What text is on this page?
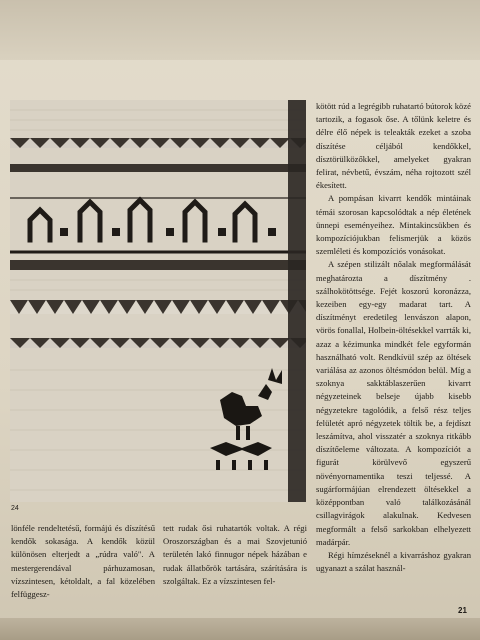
24

kötött rúd a legrégibb ruhatartó bútorok közé tartozik, a fogasok őse. A tőlünk keletre és délre élő népek is teleakták ezeket a szoba díszítése céljából kendőkkel, dísztörülközőkkel, amelyeket gyakran felirat, névbetű, évszám, néha rojtozott szél ékesített.

A pompásan kivarrt kendők mintáinak témái szorosan kapcsolódtak a nép életének ünnepi eseményeihez. Mintakincsükben és kompozíciójukban felismerjük a közös szemléleti és kompozíciós vonásokat.

A szépen stilizált nőalak megformálását meghatározta a díszítmény . szálhokötöttsége. Fejét koszorú koronázza, kezeiben egy-egy madarat tart. A díszítményt eredetileg lenvászon alapon, vörös fonallal, Holbein-öltésekkel varrták ki, azaz a kézimunka mindkét fele egyformán használható volt. Rendkívül szép az öltések variálása az azonos öltésmódon belül. Míg a szoknya sakktáblaszerűen kivarrt négyzeteinek belseje újabb kisebb négyzetekre tagolódik, a felső rész teljes felületét apró négyzetek töltik be, a fejdíszt leszámítva, ahol visszatér a szoknya ritkább díszítőeleme változata. A kompozíciót a figurát körülvevő egyszerű növényornamentika teszi teljessé. A sugárformájúan elrendezett öltésekkel a középpontban való találkozásánál csillagvirágok alakulnak. Kedvesen megformált a felső sarkokban elhelyezett madárpár.

Régi hímzéseknél a kivarráshoz gyakran ugyanazt a szálat használ-

lönféle rendeltetésű, formájú és díszítésű kendők sokasága. A kendők közül különösen elterjedt a „rúdra való". A mestergerendával párhuzamosan, vízszintesen, kétoldalt, a fal közelében felfüggesz-

tett rudak ősi ruhatartók voltak. A régi Oroszországban és a mai Szovjetunió területén lakó finnugor népek házában e rudak állatbőrök tartására, szárítására is szolgáltak. Ez a vízszintesen fel-

21
